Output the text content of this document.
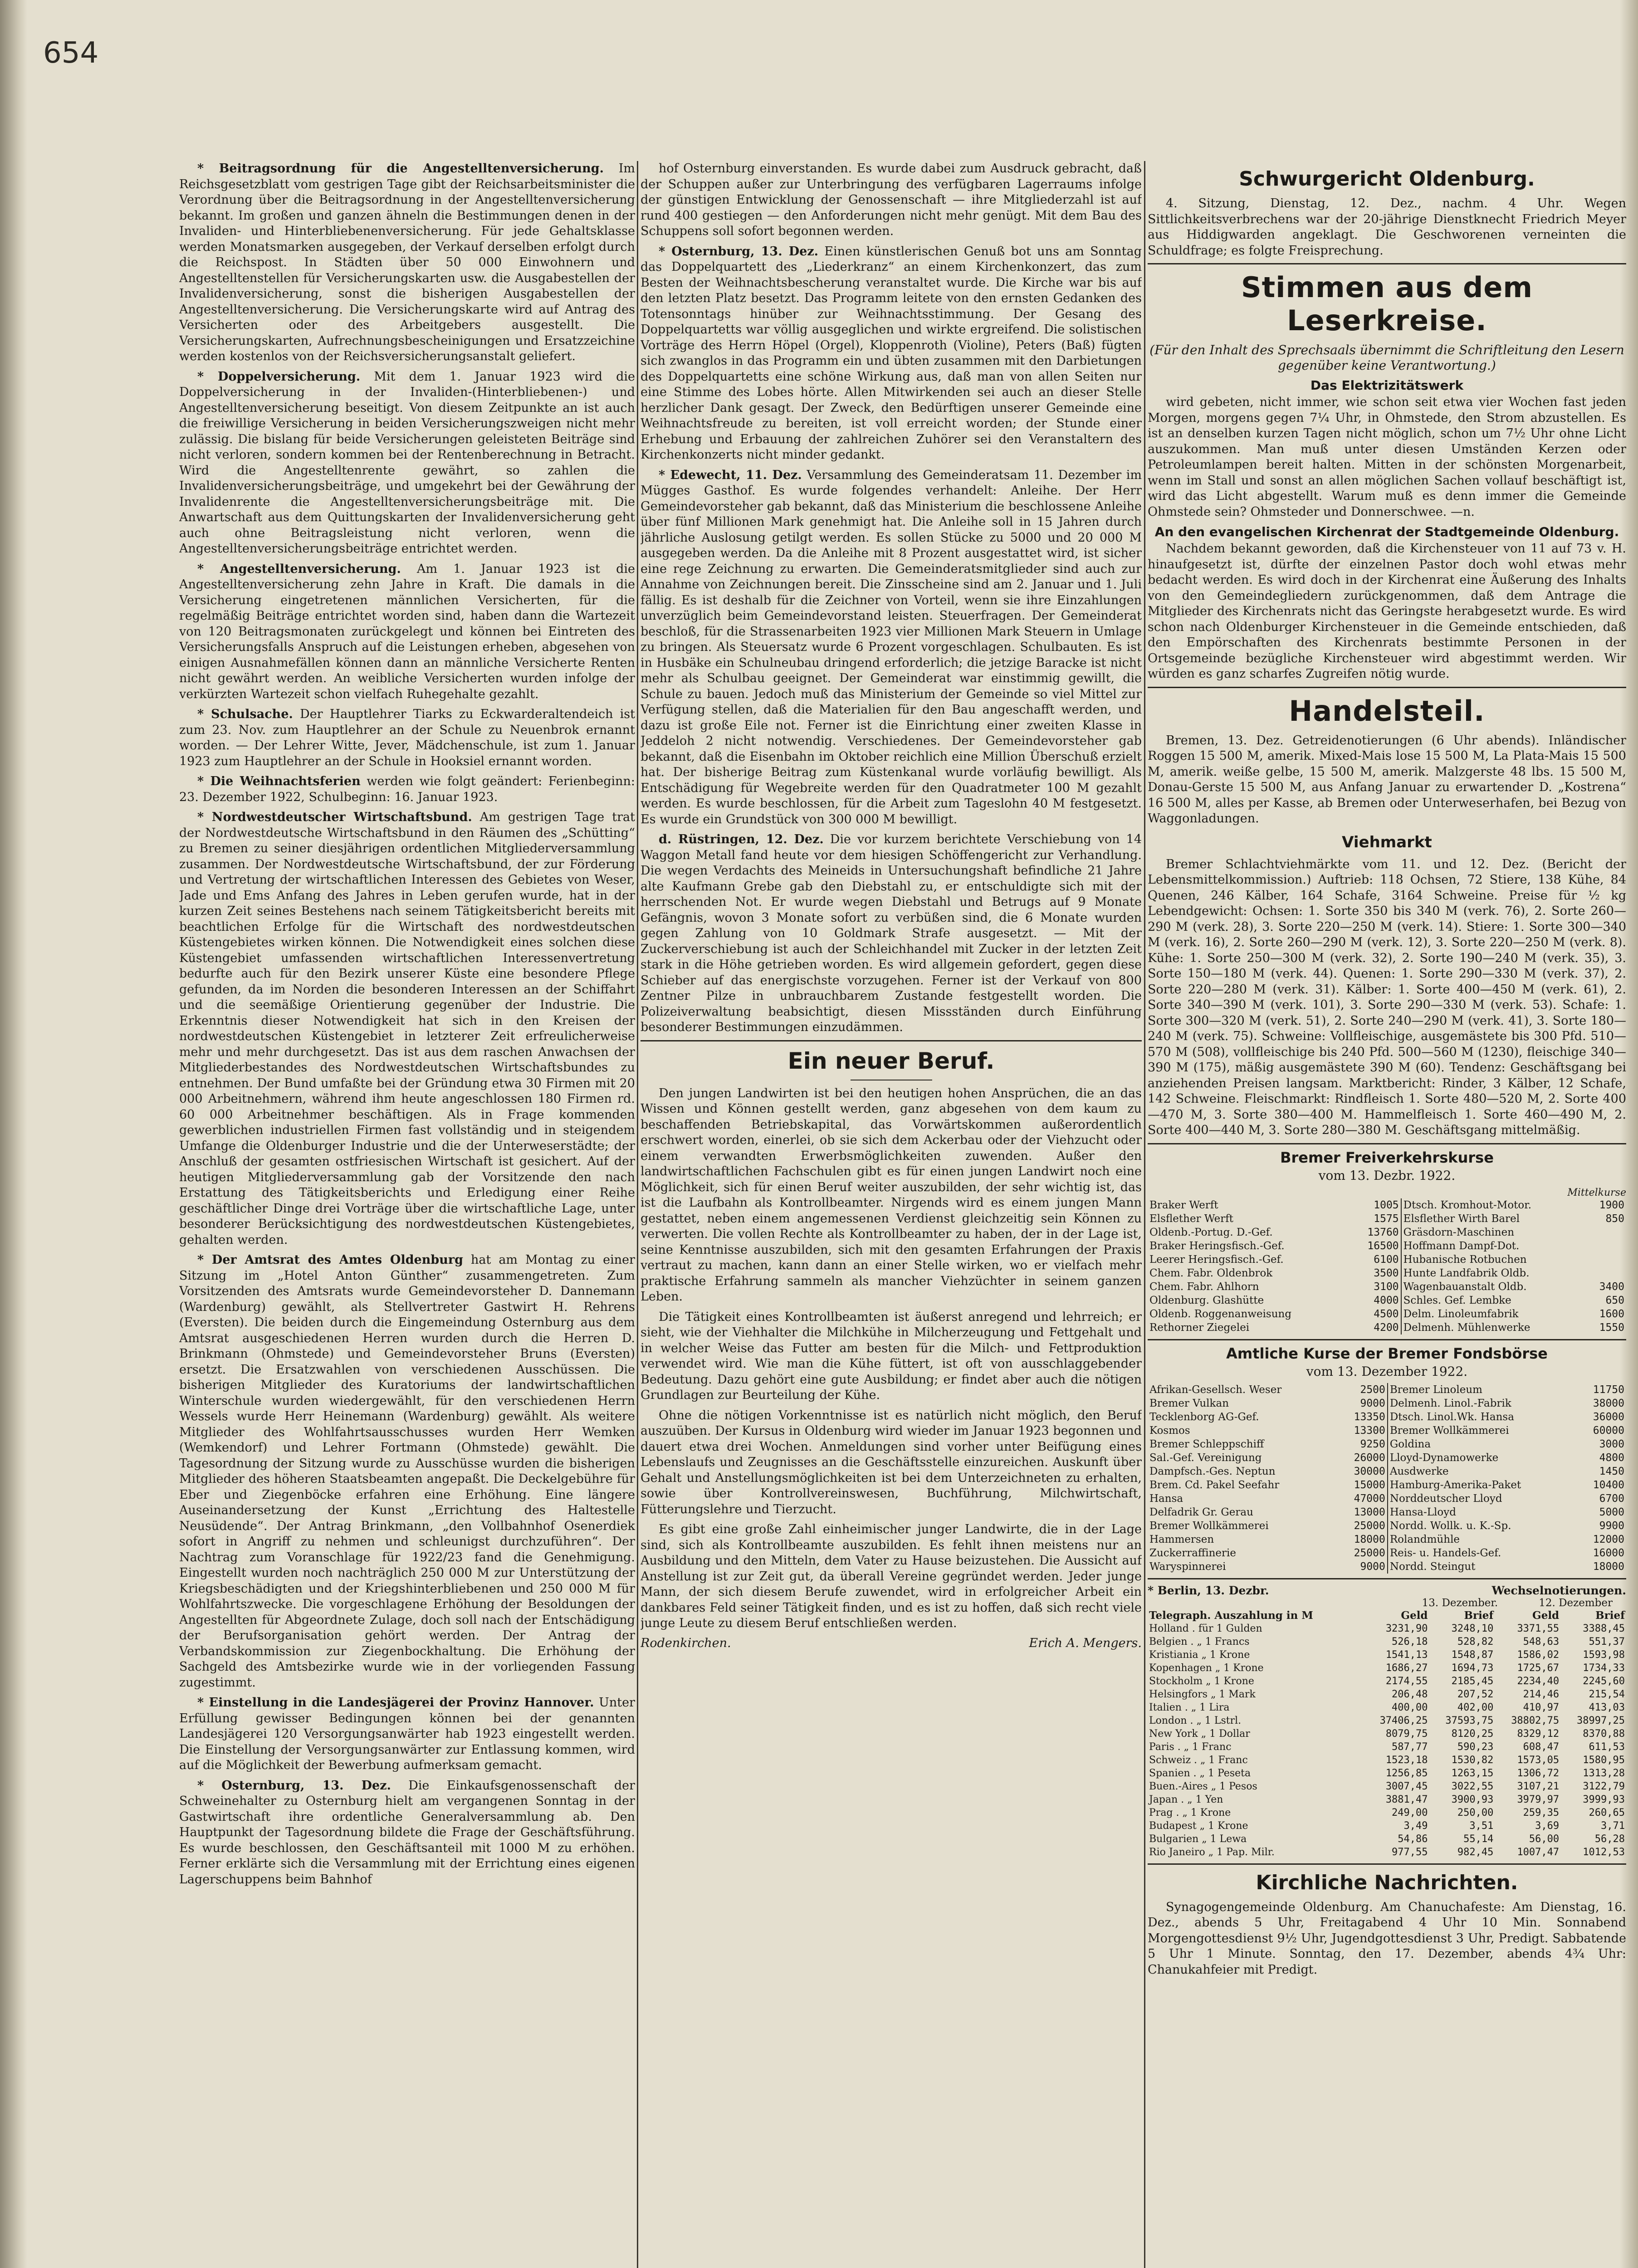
654

* Beitragsordnung für die Angestelltenversicherung. Im Reichsgesetzblatt vom gestrigen Tage gibt der Reichsarbeitsminister die Verordnung über die Beitragsordnung in der Angestelltenversicherung bekannt. Im großen und ganzen ähneln die Bestimmungen denen in der Invaliden- und Hinterbliebenenversicherung. Für jede Gehaltsklasse werden Monatsmarken ausgegeben, der Verkauf derselben erfolgt durch die Reichspost. In Städten über 50 000 Einwohnern und Angestelltenstellen für Versicherungskarten usw. die Ausgabestellen der Invalidenversicherung, sonst die bisherigen Ausgabestellen der Angestelltenversicherung. Die Versicherungskarte wird auf Antrag des Versicherten oder des Arbeitgebers ausgestellt. Die Versicherungskarten, Aufrechnungsbescheinigungen und Ersatzzeichine werden kostenlos von der Reichsversicherungsanstalt geliefert.

* Doppelversicherung. Mit dem 1. Januar 1923 wird die Doppelversicherung in der Invaliden-(Hinterbliebenen-) und Angestelltenversicherung beseitigt. Von diesem Zeitpunkte an ist auch die freiwillige Versicherung in beiden Versicherungszweigen nicht mehr zulässig. Die bislang für beide Versicherungen geleisteten Beiträge sind nicht verloren, sondern kommen bei der Rentenberechnung in Betracht. Wird die Angestelltenrente gewährt, so zahlen die Invalidenversicherungsbeiträge, und umgekehrt bei der Gewährung der Invalidenrente die Angestelltenversicherungsbeiträge mit. Die Anwartschaft aus dem Quittungskarten der Invalidenversicherung geht auch ohne Beitragsleistung nicht verloren, wenn die Angestelltenversicherungsbeiträge entrichtet werden.

* Angestelltenversicherung. Am 1. Januar 1923 ist die Angestelltenversicherung zehn Jahre in Kraft. Die damals in die Versicherung eingetretenen männlichen Versicherten, für die regelmäßig Beiträge entrichtet worden sind, haben dann die Wartezeit von 120 Beitragsmonaten zurückgelegt und können bei Eintreten des Versicherungsfalls Anspruch auf die Leistungen erheben, abgesehen von einigen Ausnahmefällen können dann an männliche Versicherte Renten nicht gewährt werden. An weibliche Versicherten wurden infolge der verkürzten Wartezeit schon vielfach Ruhegehalte gezahlt.

* Schulsache. Der Hauptlehrer Tiarks zu Eckwarderaltendeich ist zum 23. Nov. zum Hauptlehrer an der Schule zu Neuenbrok ernannt worden. — Der Lehrer Witte, Jever, Mädchenschule, ist zum 1. Januar 1923 zum Hauptlehrer an der Schule in Hooksiel ernannt worden.

* Die Weihnachtsferien werden wie folgt geändert: Ferienbeginn: 23. Dezember 1922, Schulbeginn: 16. Januar 1923.

* Nordwestdeutscher Wirtschaftsbund. Am gestrigen Tage trat der Nordwestdeutsche Wirtschaftsbund in den Räumen des „Schütting“ zu Bremen zu seiner diesjährigen ordentlichen Mitgliederversammlung zusammen. Der Nordwestdeutsche Wirtschaftsbund, der zur Förderung und Vertretung der wirtschaftlichen Interessen des Gebietes von Weser, Jade und Ems Anfang des Jahres in Leben gerufen wurde, hat in der kurzen Zeit seines Bestehens nach seinem Tätigkeitsbericht bereits mit beachtlichen Erfolge für die Wirtschaft des nordwestdeutschen Küstengebietes wirken können. Die Notwendigkeit eines solchen diese Küstengebiet umfassenden wirtschaftlichen Interessenvertretung bedurfte auch für den Bezirk unserer Küste eine besondere Pflege gefunden, da im Norden die besonderen Interessen an der Schiffahrt und die seemäßige Orientierung gegenüber der Industrie. Die Erkenntnis dieser Notwendigkeit hat sich in den Kreisen der nordwestdeutschen Küstengebiet in letzterer Zeit erfreulicherweise mehr und mehr durchgesetzt. Das ist aus dem raschen Anwachsen der Mitgliederbestandes des Nordwestdeutschen Wirtschaftsbundes zu entnehmen. Der Bund umfaßte bei der Gründung etwa 30 Firmen mit 20 000 Arbeitnehmern, während ihm heute angeschlossen 180 Firmen rd. 60 000 Arbeitnehmer beschäftigen. Als in Frage kommenden gewerblichen industriellen Firmen fast vollständig und in steigendem Umfange die Oldenburger Industrie und die der Unterweserstädte; der Anschluß der gesamten ostfriesischen Wirtschaft ist gesichert. Auf der heutigen Mitgliederversammlung gab der Vorsitzende den nach Erstattung des Tätigkeitsberichts und Erledigung einer Reihe geschäftlicher Dinge drei Vorträge über die wirtschaftliche Lage, unter besonderer Berücksichtigung des nordwestdeutschen Küstengebietes, gehalten werden.

* Der Amtsrat des Amtes Oldenburg hat am Montag zu einer Sitzung im „Hotel Anton Günther“ zusammengetreten. Zum Vorsitzenden des Amtsrats wurde Gemeindevorsteher D. Dannemann (Wardenburg) gewählt, als Stellvertreter Gastwirt H. Rehrens (Eversten). Die beiden durch die Eingemeindung Osternburg aus dem Amtsrat ausgeschiedenen Herren wurden durch die Herren D. Brinkmann (Ohmstede) und Gemeindevorsteher Bruns (Eversten) ersetzt. Die Ersatzwahlen von verschiedenen Ausschüssen. Die bisherigen Mitglieder des Kuratoriums der landwirtschaftlichen Winterschule wurden wiedergewählt, für den verschiedenen Herrn Wessels wurde Herr Heinemann (Wardenburg) gewählt. Als weitere Mitglieder des Wohlfahrtsausschusses wurden Herr Wemken (Wemkendorf) und Lehrer Fortmann (Ohmstede) gewählt. Die Tagesordnung der Sitzung wurde zu Ausschüsse wurden die bisherigen Mitglieder des höheren Staatsbeamten angepaßt. Die Deckelgebühre für Eber und Ziegenböcke erfahren eine Erhöhung. Eine längere Auseinandersetzung der Kunst „Errichtung des Haltestelle Neusüdende“. Der Antrag Brinkmann, „den Vollbahnhof Osenerdiek sofort in Angriff zu nehmen und schleunigst durchzuführen“. Der Nachtrag zum Voranschlage für 1922/23 fand die Genehmigung. Eingestellt wurden noch nachträglich 250 000 M zur Unterstützung der Kriegsbeschädigten und der Kriegshinterbliebenen und 250 000 M für Wohlfahrtszwecke. Die vorgeschlagene Erhöhung der Besoldungen der Angestellten für Abgeordnete Zulage, doch soll nach der Entschädigung der Berufsorganisation gehört werden. Der Antrag der Verbandskommission zur Ziegenbockhaltung. Die Erhöhung der Sachgeld des Amtsbezirke wurde wie in der vorliegenden Fassung zugestimmt.

* Einstellung in die Landesjägerei der Provinz Hannover. Unter Erfüllung gewisser Bedingungen können bei der genannten Landesjägerei 120 Versorgungsanwärter hab 1923 eingestellt werden. Die Einstellung der Versorgungsanwärter zur Entlassung kommen, wird auf die Möglichkeit der Bewerbung aufmerksam gemacht.

* Osternburg, 13. Dez. Die Einkaufsgenossenschaft der Schweinehalter zu Osternburg hielt am vergangenen Sonntag in der Gastwirtschaft ihre ordentliche Generalversammlung ab. Den Hauptpunkt der Tagesordnung bildete die Frage der Geschäftsführung. Es wurde beschlossen, den Geschäftsanteil mit 1000 M zu erhöhen. Ferner erklärte sich die Versammlung mit der Errichtung eines eigenen Lagerschuppens beim Bahnhof

hof Osternburg einverstanden. Es wurde dabei zum Ausdruck gebracht, daß der Schuppen außer zur Unterbringung des verfügbaren Lagerraums infolge der günstigen Entwicklung der Genossenschaft — ihre Mitgliederzahl ist auf rund 400 gestiegen — den Anforderungen nicht mehr genügt. Mit dem Bau des Schuppens soll sofort begonnen werden.

* Osternburg, 13. Dez. Einen künstlerischen Genuß bot uns am Sonntag das Doppelquartett des „Liederkranz“ an einem Kirchenkonzert, das zum Besten der Weihnachtsbescherung veranstaltet wurde. Die Kirche war bis auf den letzten Platz besetzt. Das Programm leitete von den ernsten Gedanken des Totensonntags hinüber zur Weihnachtsstimmung. Der Gesang des Doppelquartetts war völlig ausgeglichen und wirkte ergreifend. Die solistischen Vorträge des Herrn Höpel (Orgel), Kloppenroth (Violine), Peters (Baß) fügten sich zwanglos in das Programm ein und übten zusammen mit den Darbietungen des Doppelquartetts eine schöne Wirkung aus, daß man von allen Seiten nur eine Stimme des Lobes hörte. Allen Mitwirkenden sei auch an dieser Stelle herzlicher Dank gesagt. Der Zweck, den Bedürftigen unserer Gemeinde eine Weihnachtsfreude zu bereiten, ist voll erreicht worden; der Stunde einer Erhebung und Erbauung der zahlreichen Zuhörer sei den Veranstaltern des Kirchenkonzerts nicht minder gedankt.

* Edewecht, 11. Dez. Versammlung des Gemeinderatsam 11. Dezember im Mügges Gasthof. Es wurde folgendes verhandelt: Anleihe. Der Herr Gemeindevorsteher gab bekannt, daß das Ministerium die beschlossene Anleihe über fünf Millionen Mark genehmigt hat. Die Anleihe soll in 15 Jahren durch jährliche Auslosung getilgt werden. Es sollen Stücke zu 5000 und 20 000 M ausgegeben werden. Da die Anleihe mit 8 Prozent ausgestattet wird, ist sicher eine rege Zeichnung zu erwarten. Die Gemeinderatsmitglieder sind auch zur Annahme von Zeichnungen bereit. Die Zinsscheine sind am 2. Januar und 1. Juli fällig. Es ist deshalb für die Zeichner von Vorteil, wenn sie ihre Einzahlungen unverzüglich beim Gemeindevorstand leisten. Steuerfragen. Der Gemeinderat beschloß, für die Strassenarbeiten 1923 vier Millionen Mark Steuern in Umlage zu bringen. Als Steuersatz wurde 6 Prozent vorgeschlagen. Schulbauten. Es ist in Husbäke ein Schulneubau dringend erforderlich; die jetzige Baracke ist nicht mehr als Schulbau geeignet. Der Gemeinderat war einstimmig gewillt, die Schule zu bauen. Jedoch muß das Ministerium der Gemeinde so viel Mittel zur Verfügung stellen, daß die Materialien für den Bau angeschafft werden, und dazu ist große Eile not. Ferner ist die Einrichtung einer zweiten Klasse in Jeddeloh 2 nicht notwendig. Verschiedenes. Der Gemeindevorsteher gab bekannt, daß die Eisenbahn im Oktober reichlich eine Million Überschuß erzielt hat. Der bisherige Beitrag zum Küstenkanal wurde vorläufig bewilligt. Als Entschädigung für Wegebreite werden für den Quadratmeter 100 M gezahlt werden. Es wurde beschlossen, für die Arbeit zum Tageslohn 40 M festgesetzt. Es wurde ein Grundstück von 300 000 M bewilligt.

d. Rüstringen, 12. Dez. Die vor kurzem berichtete Verschiebung von 14 Waggon Metall fand heute vor dem hiesigen Schöffengericht zur Verhandlung. Die wegen Verdachts des Meineids in Untersuchungshaft befindliche 21 Jahre alte Kaufmann Grebe gab den Diebstahl zu, er entschuldigte sich mit der herrschenden Not. Er wurde wegen Diebstahl und Betrugs auf 9 Monate Gefängnis, wovon 3 Monate sofort zu verbüßen sind, die 6 Monate wurden gegen Zahlung von 10 Goldmark Strafe ausgesetzt. — Mit der Zuckerverschiebung ist auch der Schleichhandel mit Zucker in der letzten Zeit stark in die Höhe getrieben worden. Es wird allgemein gefordert, gegen diese Schieber auf das energischste vorzugehen. Ferner ist der Verkauf von 800 Zentner Pilze in unbrauchbarem Zustande festgestellt worden. Die Polizeiverwaltung beabsichtigt, diesen Missständen durch Einführung besonderer Bestimmungen einzudämmen.

Ein neuer Beruf.

Den jungen Landwirten ist bei den heutigen hohen Ansprüchen, die an das Wissen und Können gestellt werden, ganz abgesehen von dem kaum zu beschaffenden Betriebskapital, das Vorwärtskommen außerordentlich erschwert worden, einerlei, ob sie sich dem Ackerbau oder der Viehzucht oder einem verwandten Erwerbsmöglichkeiten zuwenden. Außer den landwirtschaftlichen Fachschulen gibt es für einen jungen Landwirt noch eine Möglichkeit, sich für einen Beruf weiter auszubilden, der sehr wichtig ist, das ist die Laufbahn als Kontrollbeamter. Nirgends wird es einem jungen Mann gestattet, neben einem angemessenen Verdienst gleichzeitig sein Können zu verwerten. Die vollen Rechte als Kontrollbeamter zu haben, der in der Lage ist, seine Kenntnisse auszubilden, sich mit den gesamten Erfahrungen der Praxis vertraut zu machen, kann dann an einer Stelle wirken, wo er vielfach mehr praktische Erfahrung sammeln als mancher Viehzüchter in seinem ganzen Leben.

Die Tätigkeit eines Kontrollbeamten ist äußerst anregend und lehrreich; er sieht, wie der Viehhalter die Milchkühe in Milcherzeugung und Fettgehalt und in welcher Weise das Futter am besten für die Milch- und Fettproduktion verwendet wird. Wie man die Kühe füttert, ist oft von ausschlaggebender Bedeutung. Dazu gehört eine gute Ausbildung; er findet aber auch die nötigen Grundlagen zur Beurteilung der Kühe.

Ohne die nötigen Vorkenntnisse ist es natürlich nicht möglich, den Beruf auszuüben. Der Kursus in Oldenburg wird wieder im Januar 1923 begonnen und dauert etwa drei Wochen. Anmeldungen sind vorher unter Beifügung eines Lebenslaufs und Zeugnisses an die Geschäftsstelle einzureichen. Auskunft über Gehalt und Anstellungsmöglichkeiten ist bei dem Unterzeichneten zu erhalten, sowie über Kontrollvereinswesen, Buchführung, Milchwirtschaft, Fütterungslehre und Tierzucht.

Es gibt eine große Zahl einheimischer junger Landwirte, die in der Lage sind, sich als Kontrollbeamte auszubilden. Es fehlt ihnen meistens nur an Ausbildung und den Mitteln, dem Vater zu Hause beizustehen. Die Aussicht auf Anstellung ist zur Zeit gut, da überall Vereine gegründet werden. Jeder junge Mann, der sich diesem Berufe zuwendet, wird in erfolgreicher Arbeit ein dankbares Feld seiner Tätigkeit finden, und es ist zu hoffen, daß sich recht viele junge Leute zu diesem Beruf entschließen werden.

Rodenkirchen.	Erich A. Mengers.
Schwurgericht Oldenburg.

4. Sitzung, Dienstag, 12. Dez., nachm. 4 Uhr. Wegen Sittlichkeitsverbrechens war der 20-jährige Dienstknecht Friedrich Meyer aus Hiddigwarden angeklagt. Die Geschworenen verneinten die Schuldfrage; es folgte Freisprechung.

Stimmen aus dem Leserkreise.
(Für den Inhalt des Sprechsaals übernimmt die Schriftleitung den Lesern gegenüber keine Verantwortung.)
Das Elektrizitätswerk

wird gebeten, nicht immer, wie schon seit etwa vier Wochen fast jeden Morgen, morgens gegen 7¼ Uhr, in Ohmstede, den Strom abzustellen. Es ist an denselben kurzen Tagen nicht möglich, schon um 7½ Uhr ohne Licht auszukommen. Man muß unter diesen Umständen Kerzen oder Petroleumlampen bereit halten. Mitten in der schönsten Morgenarbeit, wenn im Stall und sonst an allen möglichen Sachen vollauf beschäftigt ist, wird das Licht abgestellt. Warum muß es denn immer die Gemeinde Ohmstede sein? Ohmsteder und Donnerschwee. —n.

An den evangelischen Kirchenrat der Stadtgemeinde Oldenburg.

Nachdem bekannt geworden, daß die Kirchensteuer von 11 auf 73 v. H. hinaufgesetzt ist, dürfte der einzelnen Pastor doch wohl etwas mehr bedacht werden. Es wird doch in der Kirchenrat eine Äußerung des Inhalts von den Gemeindegliedern zurückgenommen, daß dem Antrage die Mitglieder des Kirchenrats nicht das Geringste herabgesetzt wurde. Es wird schon nach Oldenburger Kirchensteuer in die Gemeinde entschieden, daß den Empörschaften des Kirchenrats bestimmte Personen in der Ortsgemeinde bezügliche Kirchensteuer wird abgestimmt werden. Wir würden es ganz scharfes Zugreifen nötig wurde.

Handelsteil.

Bremen, 13. Dez. Getreidenotierungen (6 Uhr abends). Inländischer Roggen 15 500 M, amerik. Mixed-Mais lose 15 500 M, La Plata-Mais 15 500 M, amerik. weiße gelbe, 15 500 M, amerik. Malzgerste 48 lbs. 15 500 M, Donau-Gerste 15 500 M, aus Anfang Januar zu erwartender D. „Kostrena“ 16 500 M, alles per Kasse, ab Bremen oder Unterweserhafen, bei Bezug von Waggonladungen.

Viehmarkt

Bremer Schlachtviehmärkte vom 11. und 12. Dez. (Bericht der Lebensmittelkommission.) Auftrieb: 118 Ochsen, 72 Stiere, 138 Kühe, 84 Quenen, 246 Kälber, 164 Schafe, 3164 Schweine. Preise für ½ kg Lebendgewicht: Ochsen: 1. Sorte 350 bis 340 M (verk. 76), 2. Sorte 260—290 M (verk. 28), 3. Sorte 220—250 M (verk. 14). Stiere: 1. Sorte 300—340 M (verk. 16), 2. Sorte 260—290 M (verk. 12), 3. Sorte 220—250 M (verk. 8). Kühe: 1. Sorte 250—300 M (verk. 32), 2. Sorte 190—240 M (verk. 35), 3. Sorte 150—180 M (verk. 44). Quenen: 1. Sorte 290—330 M (verk. 37), 2. Sorte 220—280 M (verk. 31). Kälber: 1. Sorte 400—450 M (verk. 61), 2. Sorte 340—390 M (verk. 101), 3. Sorte 290—330 M (verk. 53). Schafe: 1. Sorte 300—320 M (verk. 51), 2. Sorte 240—290 M (verk. 41), 3. Sorte 180—240 M (verk. 75). Schweine: Vollfleischige, ausgemästete bis 300 Pfd. 510—570 M (508), vollfleischige bis 240 Pfd. 500—560 M (1230), fleischige 340—390 M (175), mäßig ausgemästete 390 M (60). Tendenz: Geschäftsgang bei anziehenden Preisen langsam. Marktbericht: Rinder, 3 Kälber, 12 Schafe, 142 Schweine. Fleischmarkt: Rindfleisch 1. Sorte 480—520 M, 2. Sorte 400—470 M, 3. Sorte 380—400 M. Hammelfleisch 1. Sorte 460—490 M, 2. Sorte 400—440 M, 3. Sorte 280—380 M. Geschäftsgang mittelmäßig.

Bremer Freiverkehrskurse
vom 13. Dezbr. 1922.
Mittelkurse
Braker Werft	1005	Dtsch. Kromhout-Motor.	1900
Elsflether Werft	1575	Elsflether Wirth Barel	850
Oldenb.-Portug. D.-Gef.	13760	Gräsdorn-Maschinen	
Braker Heringsfisch.-Gef.	16500	Hoffmann Dampf-Dot.	
Leerer Heringsfisch.-Gef.	6100	Hubanische Rotbuchen	
Chem. Fabr. Oldenbrok	3500	Hunte Landfabrik Oldb.	
Chem. Fabr. Ahlhorn	3100	Wagenbauanstalt Oldb.	3400
Oldenburg. Glashütte	4000	Schles. Gef. Lembke	650
Oldenb. Roggenanweisung	4500	Delm. Linoleumfabrik	1600
Rethorner Ziegelei	4200	Delmenh. Mühlenwerke	1550
Amtliche Kurse der Bremer Fondsbörse
vom 13. Dezember 1922.
Afrikan-Gesellsch. Weser	2500	Bremer Linoleum	11750
Bremer Vulkan	9000	Delmenh. Linol.-Fabrik	38000
Tecklenborg AG-Gef.	13350	Dtsch. Linol.Wk. Hansa	36000
Kosmos	13300	Bremer Wollkämmerei	60000
Bremer Schleppschiff	9250	Goldina	3000
Sal.-Gef. Vereinigung	26000	Lloyd-Dynamowerke	4800
Dampfsch.-Ges. Neptun	30000	Ausdwerke	1450
Brem. Cd. Pakel Seefahr	15000	Hamburg-Amerika-Paket	10400
Hansa	47000	Norddeutscher Lloyd	6700
Delfadrik Gr. Gerau	13000	Hansa-Lloyd	5000
Bremer Wollkämmerei	25000	Nordd. Wollk. u. K.-Sp.	9900
Hammersen	18000	Rolandmühle	12000
Zuckerraffinerie	25000	Reis- u. Handels-Gef.	16000
Waryspinnerei	9000	Nordd. Steingut	18000
* Berlin, 13. Dezbr.	Wechselnotierungen.
13. Dezember.	12. Dezember
Telegraph. Auszahlung in M	Geld	Brief	Geld	Brief
Holland . für 1 Gulden	3231,90	3248,10	3371,55	3388,45
Belgien . „ 1 Francs	526,18	528,82	548,63	551,37
Kristiania „ 1 Krone	1541,13	1548,87	1586,02	1593,98
Kopenhagen „ 1 Krone	1686,27	1694,73	1725,67	1734,33
Stockholm „ 1 Krone	2174,55	2185,45	2234,40	2245,60
Helsingfors „ 1 Mark	206,48	207,52	214,46	215,54
Italien . „ 1 Lira	400,00	402,00	410,97	413,03
London . „ 1 Lstrl.	37406,25	37593,75	38802,75	38997,25
New York „ 1 Dollar	8079,75	8120,25	8329,12	8370,88
Paris . „ 1 Franc	587,77	590,23	608,47	611,53
Schweiz . „ 1 Franc	1523,18	1530,82	1573,05	1580,95
Spanien . „ 1 Peseta	1256,85	1263,15	1306,72	1313,28
Buen.-Aires „ 1 Pesos	3007,45	3022,55	3107,21	3122,79
Japan . „ 1 Yen	3881,47	3900,93	3979,97	3999,93
Prag . „ 1 Krone	249,00	250,00	259,35	260,65
Budapest „ 1 Krone	3,49	3,51	3,69	3,71
Bulgarien „ 1 Lewa	54,86	55,14	56,00	56,28
Rio Janeiro „ 1 Pap. Milr.	977,55	982,45	1007,47	1012,53
Kirchliche Nachrichten.

Synagogengemeinde Oldenburg. Am Chanuchafeste: Am Dienstag, 16. Dez., abends 5 Uhr, Freitagabend 4 Uhr 10 Min. Sonnabend Morgengottesdienst 9½ Uhr, Jugendgottesdienst 3 Uhr, Predigt. Sabbatende 5 Uhr 1 Minute. Sonntag, den 17. Dezember, abends 4¾ Uhr: Chanukahfeier mit Predigt.
